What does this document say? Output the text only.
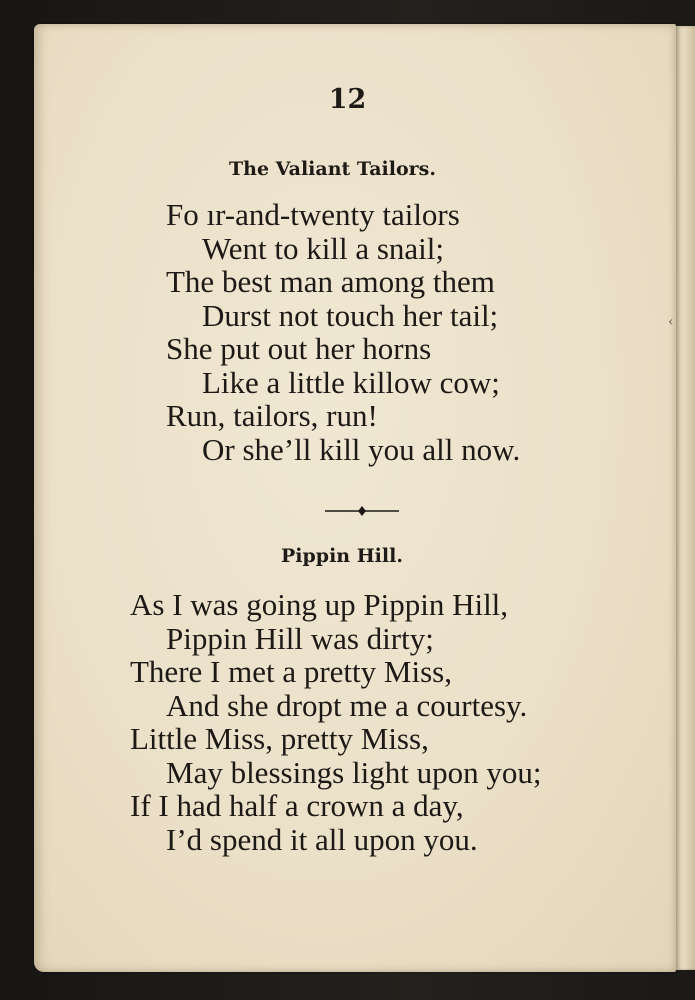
‹
12
The Valiant Tailors.
Fo ır-and-twenty tailors
Went to kill a snail;
The best man among them
Durst not touch her tail;
She put out her horns
Like a little killow cow;
Run, tailors, run!
Or she’ll kill you all now.
Pippin Hill.
As I was going up Pippin Hill,
Pippin Hill was dirty;
There I met a pretty Miss,
And she dropt me a courtesy.
Little Miss, pretty Miss,
May blessings light upon you;
If I had half a crown a day,
I’d spend it all upon you.
